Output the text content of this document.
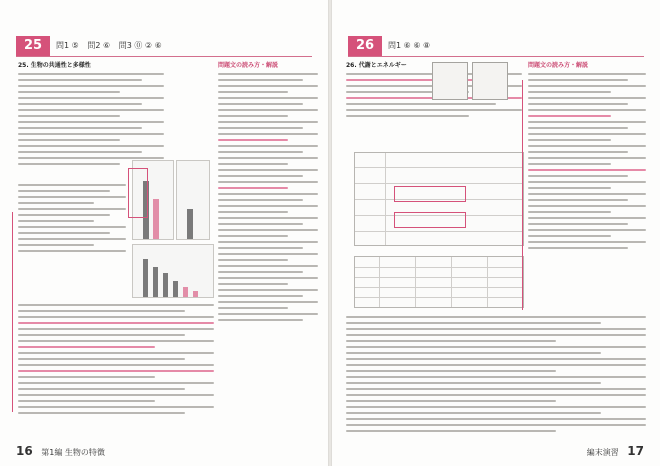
25	問1 ⑤ 問2 ⑥ 問3 ⓪ ② ⑥
25. 生物の共通性と多様性	問題文の読み方・解説
16 第1編 生物の特徴
26	問1 ⑥ ⑥ ⑧
26. 代謝とエネルギー	問題文の読み方・解説
編末演習 17
